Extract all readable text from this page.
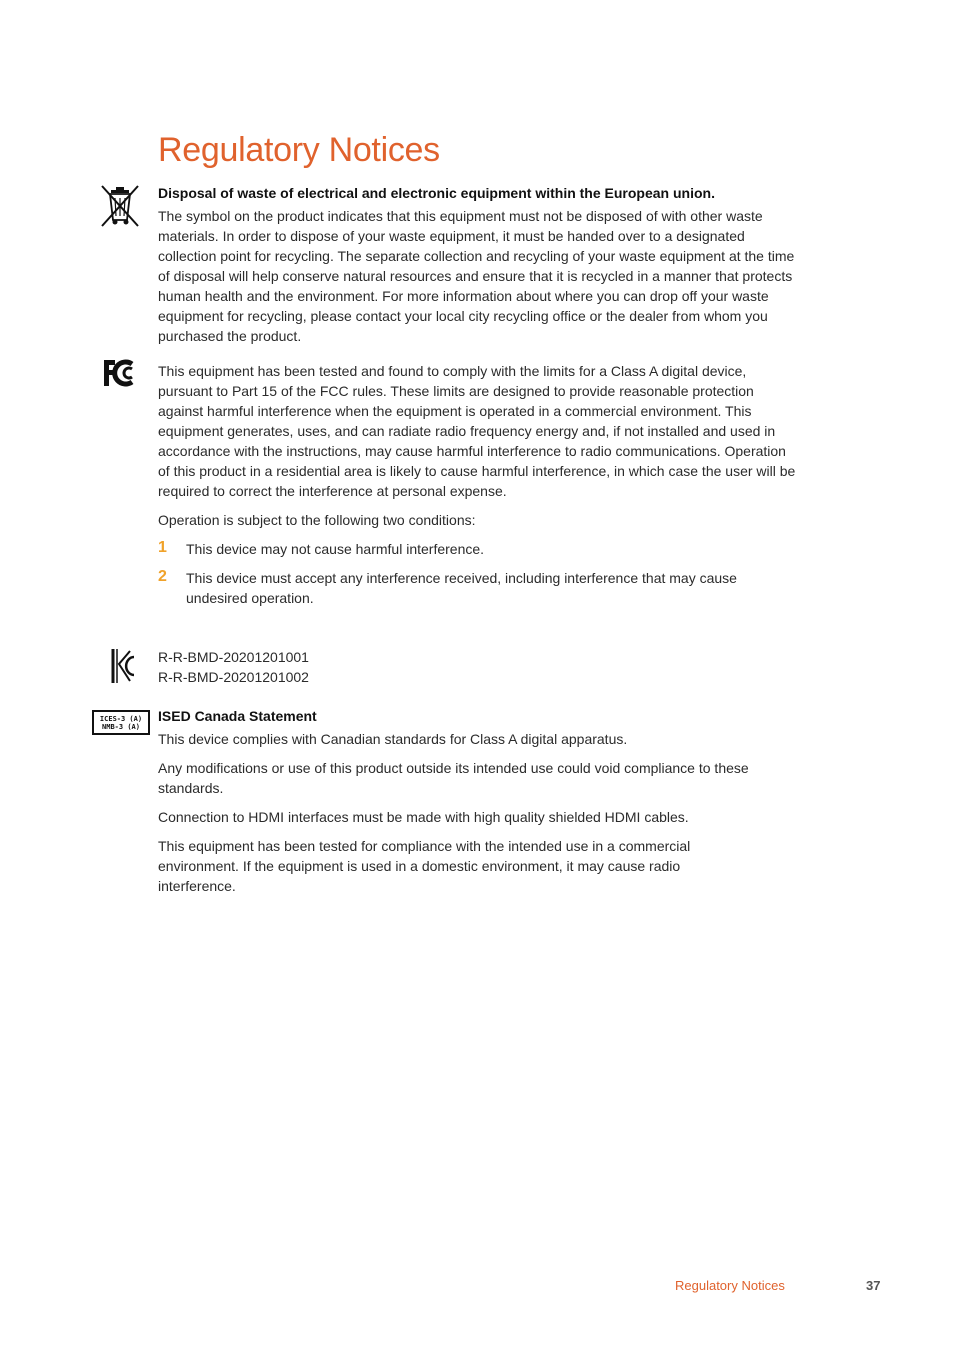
Regulatory Notices

Disposal of waste of electrical and electronic equipment within the European union.

The symbol on the product indicates that this equipment must not be disposed of with other waste materials. In order to dispose of your waste equipment, it must be handed over to a designated collection point for recycling. The separate collection and recycling of your waste equipment at the time of disposal will help conserve natural resources and ensure that it is recycled in a manner that protects human health and the environment. For more information about where you can drop off your waste equipment for recycling, please contact your local city recycling office or the dealer from whom you purchased the product.

This equipment has been tested and found to comply with the limits for a Class A digital device, pursuant to Part 15 of the FCC rules. These limits are designed to provide reasonable protection against harmful interference when the equipment is operated in a commercial environment. This equipment generates, uses, and can radiate radio frequency energy and, if not installed and used in accordance with the instructions, may cause harmful interference to radio communications. Operation of this product in a residential area is likely to cause harmful interference, in which case the user will be required to correct the interference at personal expense.

Operation is subject to the following two conditions:

1 This device may not cause harmful interference.

2 This device must accept any interference received, including interference that may cause undesired operation.

R-R-BMD-20201201001

R-R-BMD-20201201002

ICES-3 (A)
NMB-3 (A)

ISED Canada Statement

This device complies with Canadian standards for Class A digital apparatus.

Any modifications or use of this product outside its intended use could void compliance to these standards.

Connection to HDMI interfaces must be made with high quality shielded HDMI cables.

This equipment has been tested for compliance with the intended use in a commercial environment. If the equipment is used in a domestic environment, it may cause radio interference.

Regulatory Notices	37
